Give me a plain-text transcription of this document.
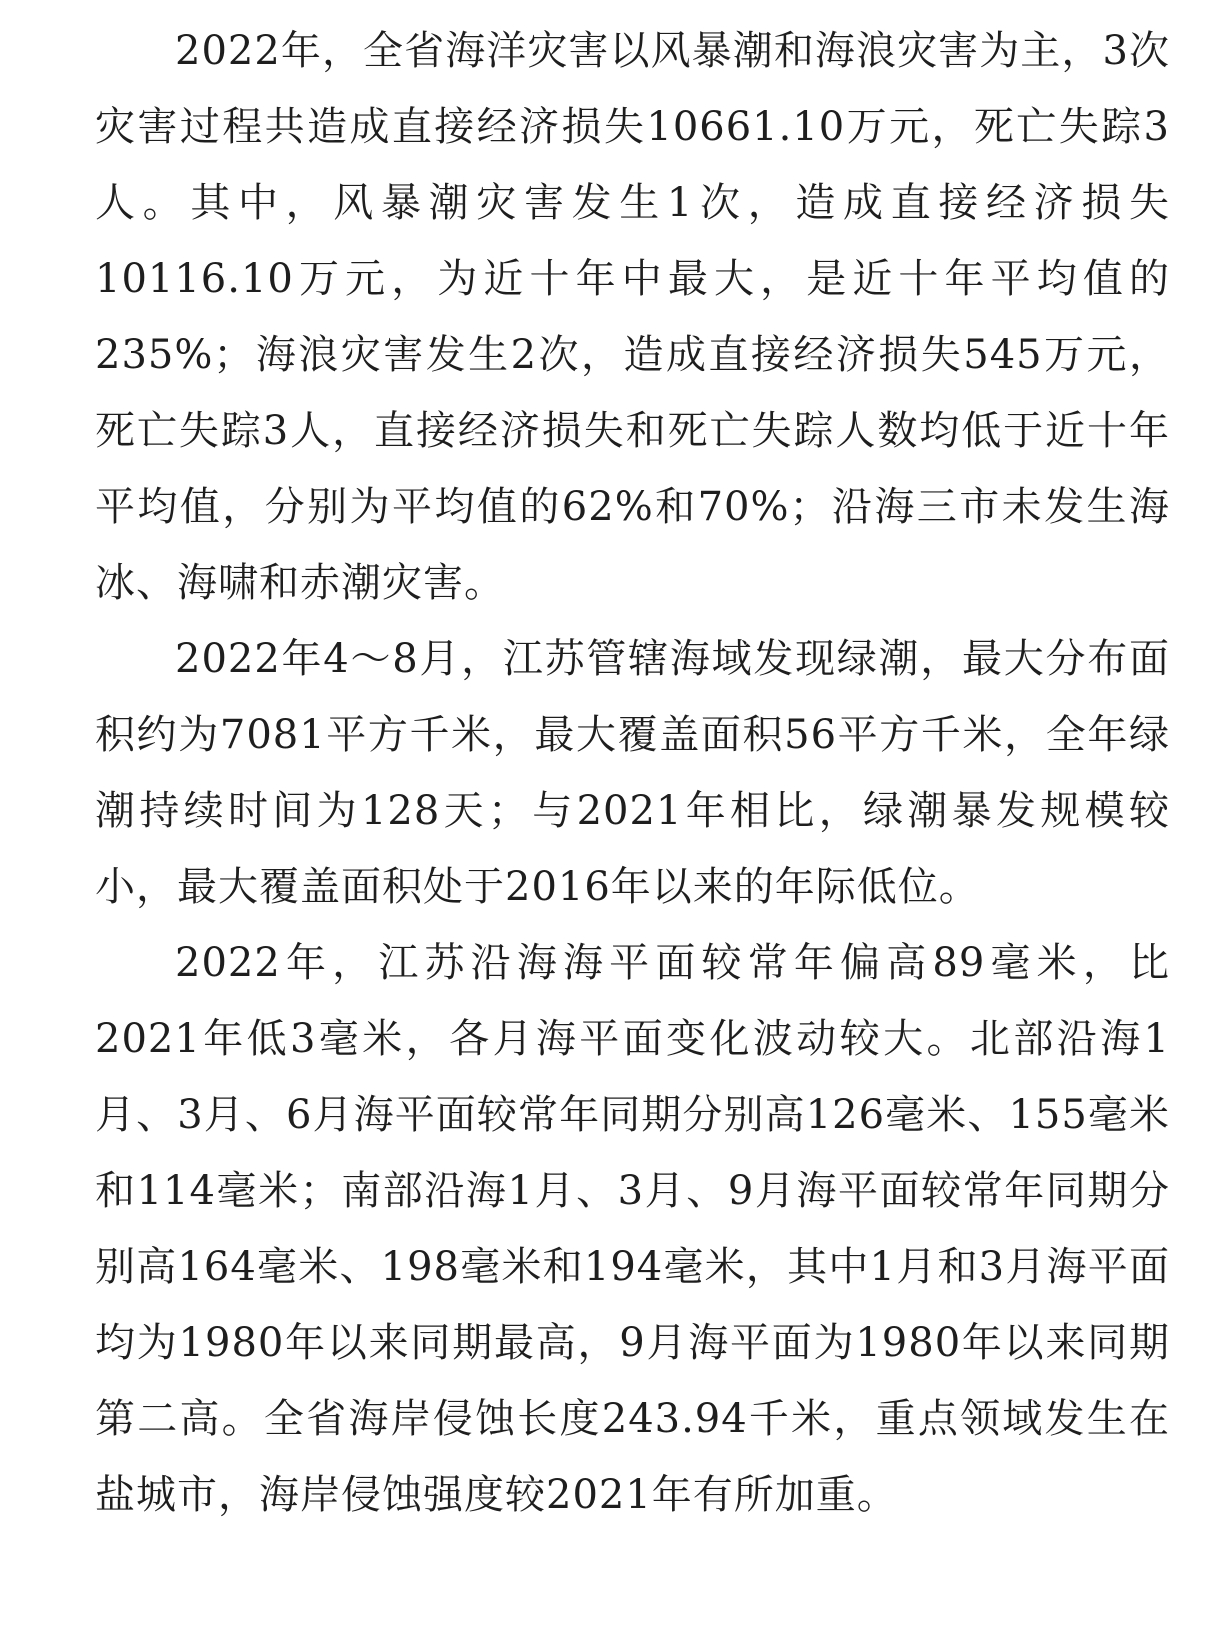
2022年，全省海洋灾害以风暴潮和海浪灾害为主，3次灾害过程共造成直接经济损失10661.10万元，死亡失踪3人。其中，风暴潮灾害发生1次，造成直接经济损失10116.10万元，为近十年中最大，是近十年平均值的235%；海浪灾害发生2次，造成直接经济损失545万元，死亡失踪3人，直接经济损失和死亡失踪人数均低于近十年平均值，分别为平均值的62%和70%；沿海三市未发生海冰、海啸和赤潮灾害。

2022年4～8月，江苏管辖海域发现绿潮，最大分布面积约为7081平方千米，最大覆盖面积56平方千米，全年绿潮持续时间为128天；与2021年相比，绿潮暴发规模较小，最大覆盖面积处于2016年以来的年际低位。

2022年，江苏沿海海平面较常年偏高89毫米，比2021年低3毫米，各月海平面变化波动较大。北部沿海1月、3月、6月海平面较常年同期分别高126毫米、155毫米和114毫米；南部沿海1月、3月、9月海平面较常年同期分别高164毫米、198毫米和194毫米，其中1月和3月海平面均为1980年以来同期最高，9月海平面为1980年以来同期第二高。全省海岸侵蚀长度243.94千米，重点领域发生在盐城市，海岸侵蚀强度较2021年有所加重。
